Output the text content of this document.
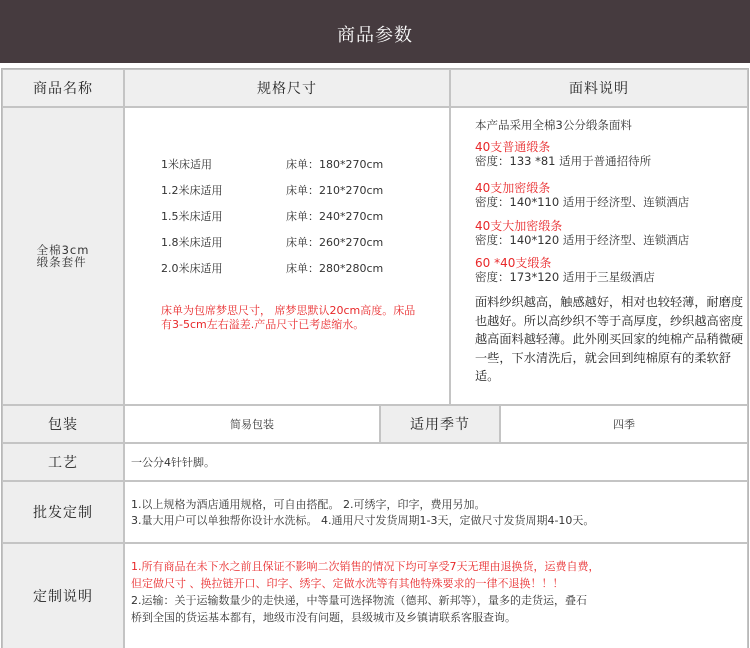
商品参数
商品名称	规格尺寸	面料说明
全棉3cm
缎条套件
1米床适用	床单：180*270cm
1.2米床适用	床单：210*270cm
1.5米床适用	床单：240*270cm
1.8米床适用	床单：260*270cm
2.0米床适用	床单：280*280cm
床单为包席梦思尺寸， 席梦思默认20cm高度。床品有3-5cm左右溢差.产品尺寸已考虑缩水。
本产品采用全棉3公分缎条面料
40支普通缎条
密度：133 *81 适用于普通招待所
40支加密缎条
密度：140*110 适用于经济型、连锁酒店
40支大加密缎条
密度：140*120 适用于经济型、连锁酒店
60 *40支缎条
密度：173*120 适用于三星级酒店
面料纱织越高，触感越好，相对也较轻薄，耐磨度也越好。所以高纱织不等于高厚度，纱织越高密度越高面料越轻薄。此外刚买回家的纯棉产品稍微硬一些，下水清洗后，就会回到纯棉原有的柔软舒适。
包装	简易包装	适用季节	四季
工艺	一公分4针针脚。
批发定制
1.以上规格为酒店通用规格，可自由搭配。 2.可绣字，印字，费用另加。
3.量大用户可以单独帮你设计水洗标。 4.通用尺寸发货周期1-3天，定做尺寸发货周期4-10天。
定制说明
1.所有商品在未下水之前且保证不影响二次销售的情况下均可享受7天无理由退换货，运费自费，
但定做尺寸 、换拉链开口、印字、绣字、定做水洗等有其他特殊要求的一律不退换！！！
2.运输：关于运输数量少的走快递，中等量可选择物流（德邦、新邦等），量多的走货运，叠石
桥到全国的货运基本都有，地级市没有问题，县级城市及乡镇请联系客服查询。
